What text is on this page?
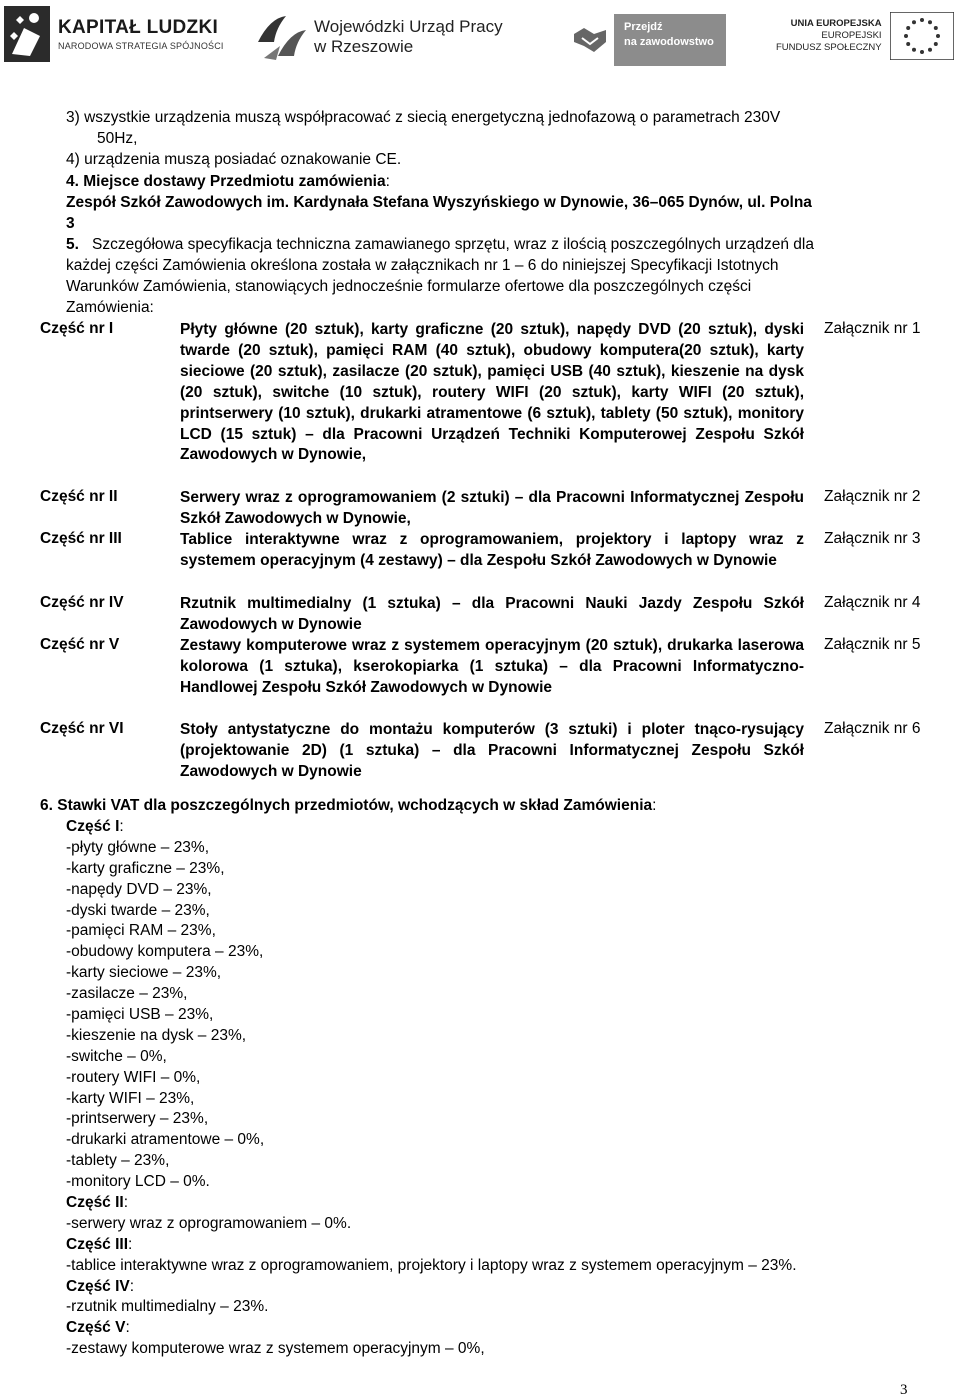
KAPITAŁ LUDZKI
NARODOWA STRATEGIA SPÓJNOŚCI
Wojewódzki Urząd Pracy
w Rzeszowie
Przejdź
na zawodowstwo
UNIA EUROPEJSKA
EUROPEJSKI
FUNDUSZ SPOŁECZNY
3) wszystkie urządzenia muszą współpracować z siecią energetyczną jednofazową o parametrach 230V
50Hz,
4) urządzenia muszą posiadać oznakowanie CE.
4. Miejsce dostawy Przedmiotu zamówienia:
Zespół Szkół Zawodowych im. Kardynała Stefana Wyszyńskiego w Dynowie, 36–065 Dynów, ul. Polna
3
5. Szczegółowa specyfikacja techniczna zamawianego sprzętu, wraz z ilością poszczególnych urządzeń dla
każdej części Zamówienia określona została w załącznikach nr 1 – 6 do niniejszej Specyfikacji Istotnych
Warunków Zamówienia, stanowiących jednocześnie formularze ofertowe dla poszczególnych części
Zamówienia:
Część nr I	Płyty główne (20 sztuk), karty graficzne (20 sztuk), napędy DVD (20 sztuk), dyski twarde (20 sztuk), pamięci RAM (40 sztuk), obudowy komputera(20 sztuk), karty sieciowe (20 sztuk), zasilacze (20 sztuk), pamięci USB (40 sztuk), kieszenie na dysk (20 sztuk), switche (10 sztuk), routery WIFI (20 sztuk), karty WIFI (20 sztuk), printserwery (10 sztuk), drukarki atramentowe (6 sztuk), tablety (50 sztuk), monitory LCD (15 sztuk) – dla Pracowni Urządzeń Techniki Komputerowej Zespołu Szkół Zawodowych w Dynowie,
Załącznik nr 1
Część nr II	Serwery wraz z oprogramowaniem (2 sztuki) – dla Pracowni Informatycznej Zespołu Szkół Zawodowych w Dynowie,
Załącznik nr 2
Część nr III	Tablice interaktywne wraz z oprogramowaniem, projektory i laptopy wraz z systemem operacyjnym (4 zestawy) – dla Zespołu Szkół Zawodowych w Dynowie
Załącznik nr 3
Część nr IV	Rzutnik multimedialny (1 sztuka) – dla Pracowni Nauki Jazdy Zespołu Szkół Zawodowych w Dynowie
Załącznik nr 4
Część nr V	Zestawy komputerowe wraz z systemem operacyjnym (20 sztuk), drukarka laserowa kolorowa (1 sztuka), kserokopiarka (1 sztuka) – dla Pracowni Informatyczno-Handlowej Zespołu Szkół Zawodowych w Dynowie
Załącznik nr 5
Część nr VI	Stoły antystatyczne do montażu komputerów (3 sztuki) i ploter tnąco-rysujący (projektowanie 2D) (1 sztuka) – dla Pracowni Informatycznej Zespołu Szkół Zawodowych w Dynowie
Załącznik nr 6
6. Stawki VAT dla poszczególnych przedmiotów, wchodzących w skład Zamówienia:
Część I:
-płyty główne – 23%,
-karty graficzne – 23%,
-napędy DVD – 23%,
-dyski twarde – 23%,
-pamięci RAM – 23%,
-obudowy komputera – 23%,
-karty sieciowe – 23%,
-zasilacze – 23%,
-pamięci USB – 23%,
-kieszenie na dysk – 23%,
-switche – 0%,
-routery WIFI – 0%,
-karty WIFI – 23%,
-printserwery – 23%,
-drukarki atramentowe – 0%,
-tablety – 23%,
-monitory LCD – 0%.
Część II:
-serwery wraz z oprogramowaniem – 0%.
Część III:
-tablice interaktywne wraz z oprogramowaniem, projektory i laptopy wraz z systemem operacyjnym – 23%.
Część IV:
-rzutnik multimedialny – 23%.
Część V:
-zestawy komputerowe wraz z systemem operacyjnym – 0%,
3
